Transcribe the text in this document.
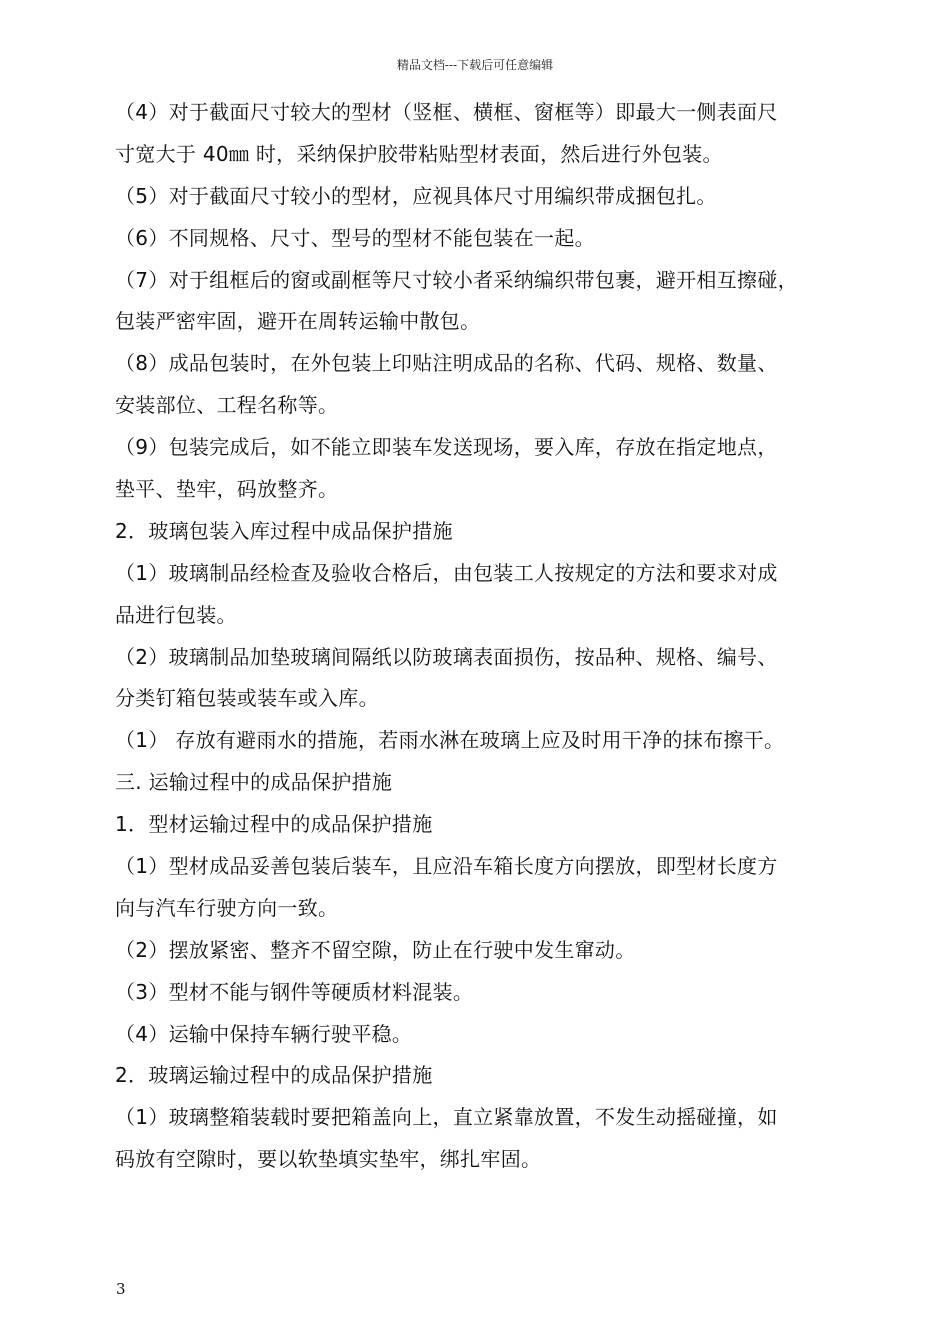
精品文档---下载后可任意编辑
（4）对于截面尺寸较大的型材（竖框、横框、窗框等）即最大一侧表面尺
寸宽大于 40㎜ 时，采纳保护胶带粘贴型材表面，然后进行外包装。
（5）对于截面尺寸较小的型材，应视具体尺寸用编织带成捆包扎。
（6）不同规格、尺寸、型号的型材不能包装在一起。
（7）对于组框后的窗或副框等尺寸较小者采纳编织带包裹，避开相互擦碰，
包装严密牢固，避开在周转运输中散包。
（8）成品包装时，在外包装上印贴注明成品的名称、代码、规格、数量、
安装部位、工程名称等。
（9）包装完成后，如不能立即装车发送现场，要入库，存放在指定地点，
垫平、垫牢，码放整齐。
2．玻璃包装入库过程中成品保护措施
（1）玻璃制品经检查及验收合格后，由包装工人按规定的方法和要求对成
品进行包装。
（2）玻璃制品加垫玻璃间隔纸以防玻璃表面损伤，按品种、规格、编号、
分类钉箱包装或装车或入库。
（1） 存放有避雨水的措施，若雨水淋在玻璃上应及时用干净的抹布擦干。
三. 运输过程中的成品保护措施
1．型材运输过程中的成品保护措施
（1）型材成品妥善包装后装车，且应沿车箱长度方向摆放，即型材长度方
向与汽车行驶方向一致。
（2）摆放紧密、整齐不留空隙，防止在行驶中发生窜动。
（3）型材不能与钢件等硬质材料混装。
（4）运输中保持车辆行驶平稳。
2．玻璃运输过程中的成品保护措施
（1）玻璃整箱装载时要把箱盖向上，直立紧靠放置，不发生动摇碰撞，如
码放有空隙时，要以软垫填实垫牢，绑扎牢固。
3
